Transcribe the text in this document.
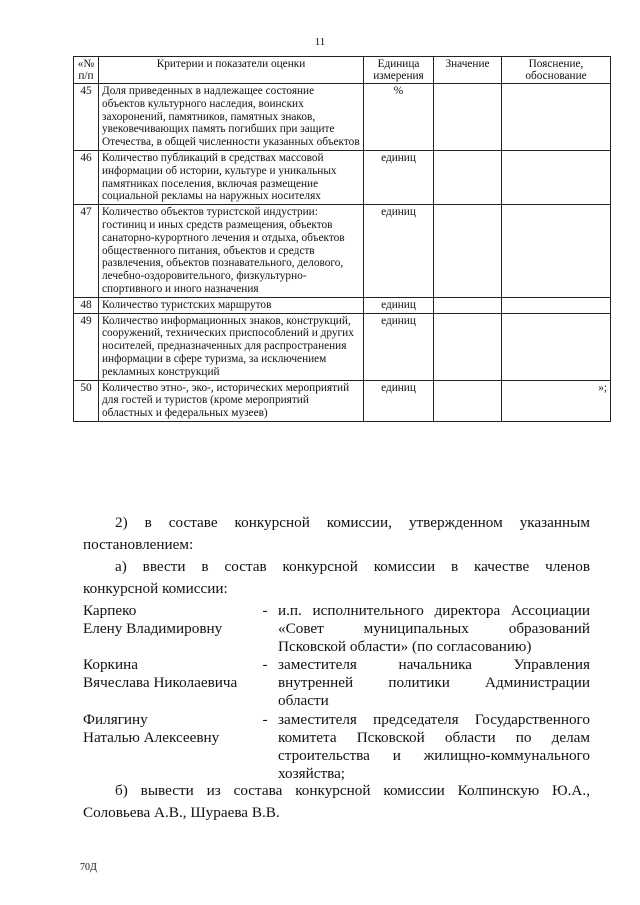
11
«№ п/п	Критерии и показатели оценки	Единица измерения	Значение	Пояснение, обоснование
45	Доля приведенных в надлежащее состояние объектов культурного наследия, воинских захоронений, памятников, памятных знаков, увековечивающих память погибших при защите Отечества, в общей численности указанных объектов	%		
46	Количество публикаций в средствах массовой информации об истории, культуре и уникальных памятниках поселения, включая размещение социальной рекламы на наружных носителях	единиц		
47	Количество объектов туристской индустрии: гостиниц и иных средств размещения, объектов санаторно-курортного лечения и отдыха, объектов общественного питания, объектов и средств развлечения, объектов познавательного, делового, лечебно-оздоровительного, физкультурно-спортивного и иного назначения	единиц		
48	Количество туристских маршрутов	единиц		
49	Количество информационных знаков, конструкций, сооружений, технических приспособлений и других носителей, предназначенных для распространения информации в сфере туризма, за исключением рекламных конструкций	единиц		
50	Количество этно-, эко-, исторических мероприятий для гостей и туристов (кроме мероприятий областных и федеральных музеев)	единиц		»;
2) в составе конкурсной комиссии, утвержденном указанным
постановлением:
а) ввести в состав конкурсной комиссии в качестве членов
конкурсной комиссии:
Карпеко
Елену Владимировну
- и.п. исполнительного директора Ассоциации
«Совет муниципальных образований
Псковской области» (по согласованию)
Коркина
Вячеслава Николаевича
- заместителя начальника Управления
внутренней политики Администрации
области
Филягину
Наталью Алексеевну
- заместителя председателя Государственного
комитета Псковской области по делам
строительства и жилищно-коммунального
хозяйства;
б) вывести из состава конкурсной комиссии Колпинскую Ю.А.,
Соловьева А.В., Шураева В.В.
70Д
